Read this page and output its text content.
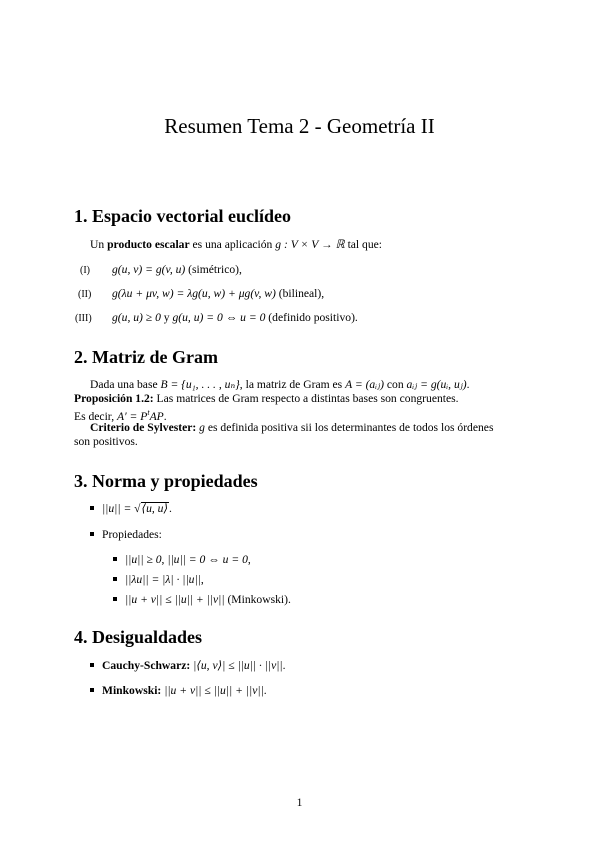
Resumen Tema 2 - Geometría II
1. Espacio vectorial euclídeo
Un producto escalar es una aplicación g : V × V → ℝ tal que:
(I) g(u, v) = g(v, u) (simétrico),
(II) g(λu + μv, w) = λg(u, w) + μg(v, w) (bilineal),
(III) g(u, u) ≥ 0 y g(u, u) = 0 ⇔ u = 0 (definido positivo).
2. Matriz de Gram
Dada una base B = {u₁, . . . , uₙ}, la matriz de Gram es A = (aᵢⱼ) con aᵢⱼ = g(uᵢ, uⱼ).
Proposición 1.2: Las matrices de Gram respecto a distintas bases son congruentes.
Es decir, $A' = P^tAP$.
Criterio de Sylvester: g es definida positiva sii los determinantes de todos los órdenes
son positivos.
3. Norma y propiedades
||u|| = √⟨u, u⟩.
Propiedades:
||u|| ≥ 0, ||u|| = 0 ⇔ u = 0,
||λu|| = |λ| · ||u||,
||u + v|| ≤ ||u|| + ||v|| (Minkowski).
4. Desigualdades
Cauchy-Schwarz: |⟨u, v⟩| ≤ ||u|| · ||v||.
Minkowski: ||u + v|| ≤ ||u|| + ||v||.
1
